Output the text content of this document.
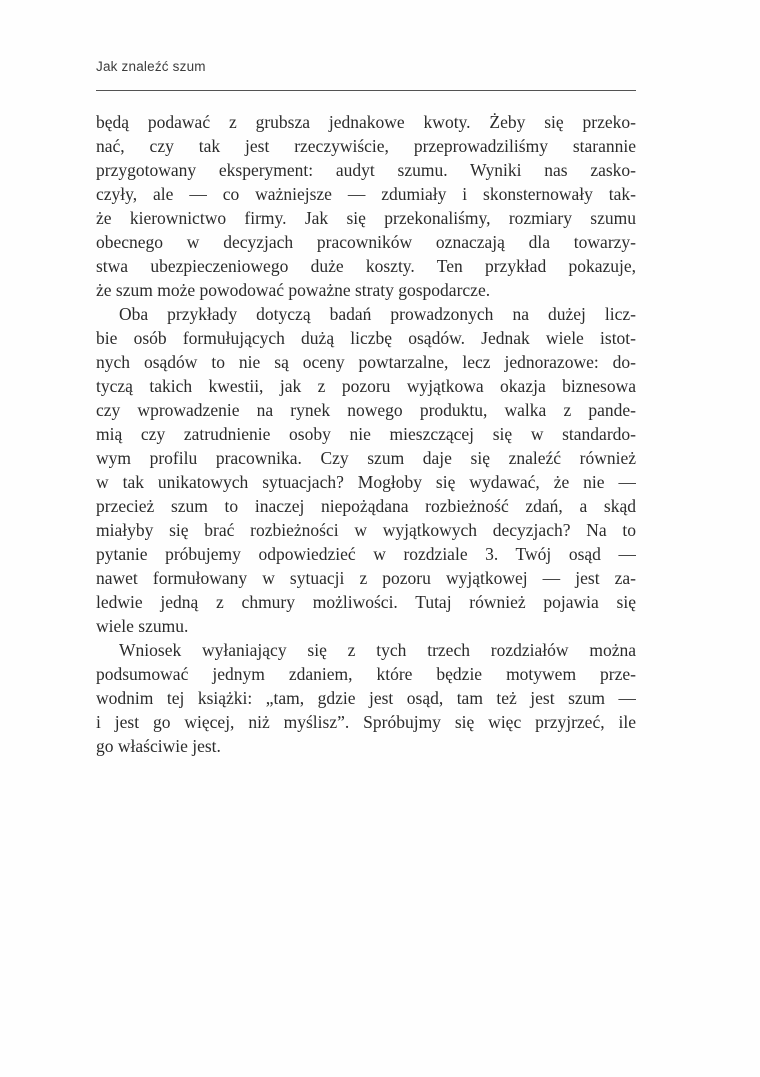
Jak znaleźć szum
będą podawać z grubsza jednakowe kwoty. Żeby się przeko-
nać, czy tak jest rzeczywiście, przeprowadziliśmy starannie
przygotowany eksperyment: audyt szumu. Wyniki nas zasko-
czyły, ale — co ważniejsze — zdumiały i skonsternowały tak-
że kierownictwo firmy. Jak się przekonaliśmy, rozmiary szumu
obecnego w decyzjach pracowników oznaczają dla towarzy-
stwa ubezpieczeniowego duże koszty. Ten przykład pokazuje,
że szum może powodować poważne straty gospodarcze.
Oba przykłady dotyczą badań prowadzonych na dużej licz-
bie osób formułujących dużą liczbę osądów. Jednak wiele istot-
nych osądów to nie są oceny powtarzalne, lecz jednorazowe: do-
tyczą takich kwestii, jak z pozoru wyjątkowa okazja biznesowa
czy wprowadzenie na rynek nowego produktu, walka z pande-
mią czy zatrudnienie osoby nie mieszczącej się w standardo-
wym profilu pracownika. Czy szum daje się znaleźć również
w tak unikatowych sytuacjach? Mogłoby się wydawać, że nie —
przecież szum to inaczej niepożądana rozbieżność zdań, a skąd
miałyby się brać rozbieżności w wyjątkowych decyzjach? Na to
pytanie próbujemy odpowiedzieć w rozdziale 3. Twój osąd —
nawet formułowany w sytuacji z pozoru wyjątkowej — jest za-
ledwie jedną z chmury możliwości. Tutaj również pojawia się
wiele szumu.
Wniosek wyłaniający się z tych trzech rozdziałów można
podsumować jednym zdaniem, które będzie motywem prze-
wodnim tej książki: „tam, gdzie jest osąd, tam też jest szum —
i jest go więcej, niż myślisz”. Spróbujmy się więc przyjrzeć, ile
go właściwie jest.
